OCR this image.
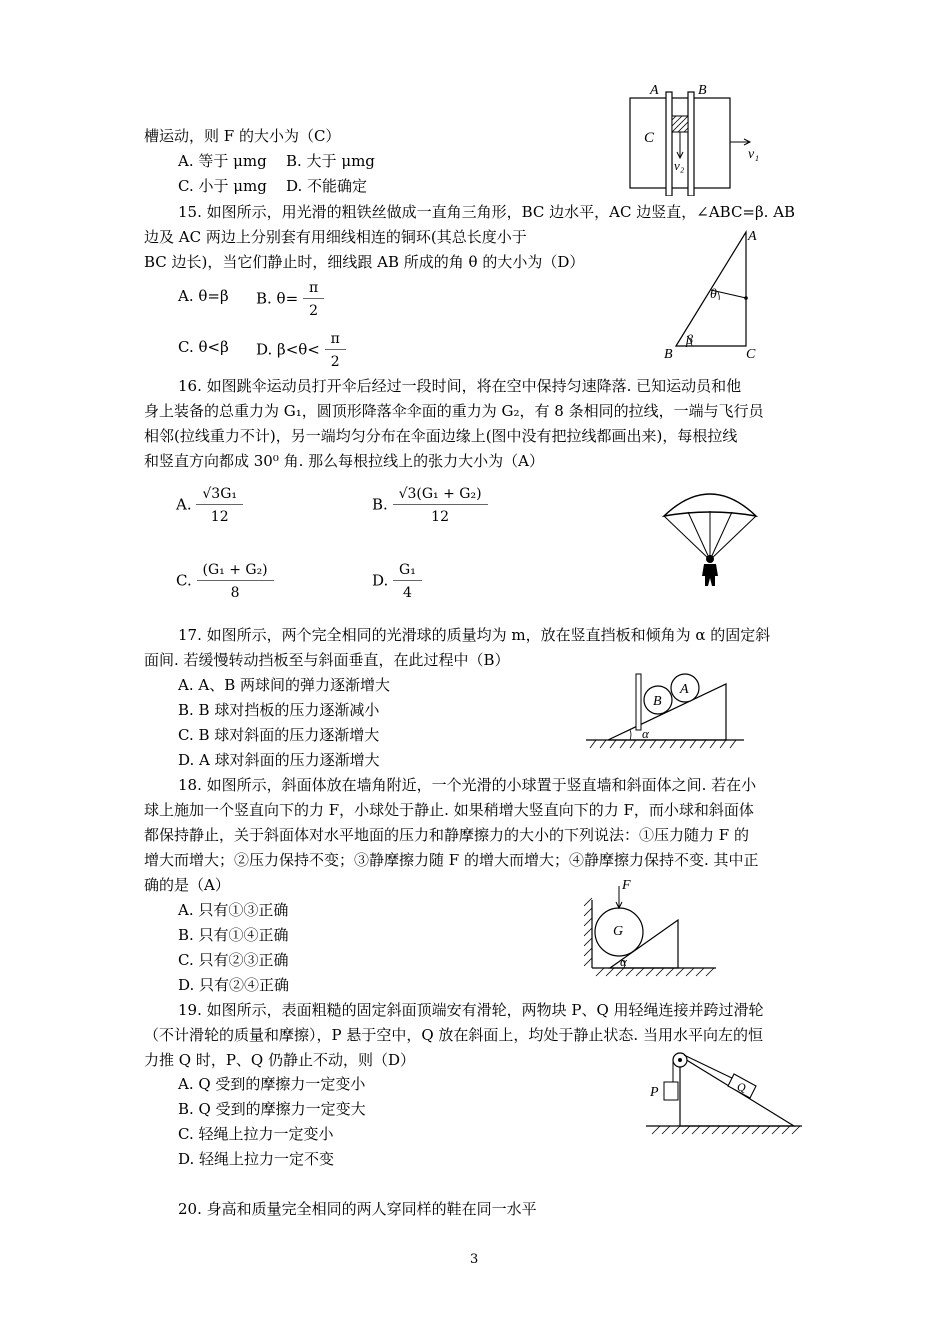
槽运动，则 F 的大小为（C）
A. 等于 μmg B. 大于 μmg
C. 小于 μmg D. 不能确定
A	B
C
v₂
v₁
15. 如图所示，用光滑的粗铁丝做成一直角三角形，BC 边水平，AC 边竖直，∠ABC=β. AB
边及 AC 两边上分别套有用细线相连的铜环(其总长度小于
BC 边长)，当它们静止时，细线跟 AB 所成的角 θ 的大小为（D）
A. θ=β B. $\theta= \frac{\pi}{2}$
C. θ<β D. $\beta<\theta< \frac{\pi}{2}$
A
B	C
θ
β
16. 如图跳伞运动员打开伞后经过一段时间，将在空中保持匀速降落. 已知运动员和他
身上装备的总重力为 G₁，圆顶形降落伞伞面的重力为 G₂，有 8 条相同的拉线，一端与飞行员
相邻(拉线重力不计)，另一端均匀分布在伞面边缘上(图中没有把拉线都画出来)，每根拉线
和竖直方向都成 30⁰ 角. 那么每根拉线上的张力大小为（A）
A. $\frac{\text{√3G₁}}{12}$	B. $\frac{\text{√3(G₁ + G₂)}}{12}$
C. $\frac{\text{(G₁ + G₂)}}{8}$	D. $\frac{\text{G₁}}{4}$
17. 如图所示，两个完全相同的光滑球的质量均为 m，放在竖直挡板和倾角为 α 的固定斜
面间. 若缓慢转动挡板至与斜面垂直，在此过程中（B）
A. A、B 两球间的弹力逐渐增大
B. B 球对挡板的压力逐渐减小
C. B 球对斜面的压力逐渐增大
D. A 球对斜面的压力逐渐增大
B
A
α
18. 如图所示，斜面体放在墙角附近，一个光滑的小球置于竖直墙和斜面体之间. 若在小
球上施加一个竖直向下的力 F，小球处于静止. 如果稍增大竖直向下的力 F，而小球和斜面体
都保持静止，关于斜面体对水平地面的压力和静摩擦力的大小的下列说法：①压力随力 F 的
增大而增大；②压力保持不变；③静摩擦力随 F 的增大而增大；④静摩擦力保持不变. 其中正
确的是（A）
A. 只有①③正确
B. 只有①④正确
C. 只有②③正确
D. 只有②④正确
F
G
α
19. 如图所示，表面粗糙的固定斜面顶端安有滑轮，两物块 P、Q 用轻绳连接并跨过滑轮
（不计滑轮的质量和摩擦），P 悬于空中，Q 放在斜面上，均处于静止状态. 当用水平向左的恒
力推 Q 时，P、Q 仍静止不动，则（D）
A. Q 受到的摩擦力一定变小
B. Q 受到的摩擦力一定变大
C. 轻绳上拉力一定变小
D. 轻绳上拉力一定不变
P	Q
20. 身高和质量完全相同的两人穿同样的鞋在同一水平
3
